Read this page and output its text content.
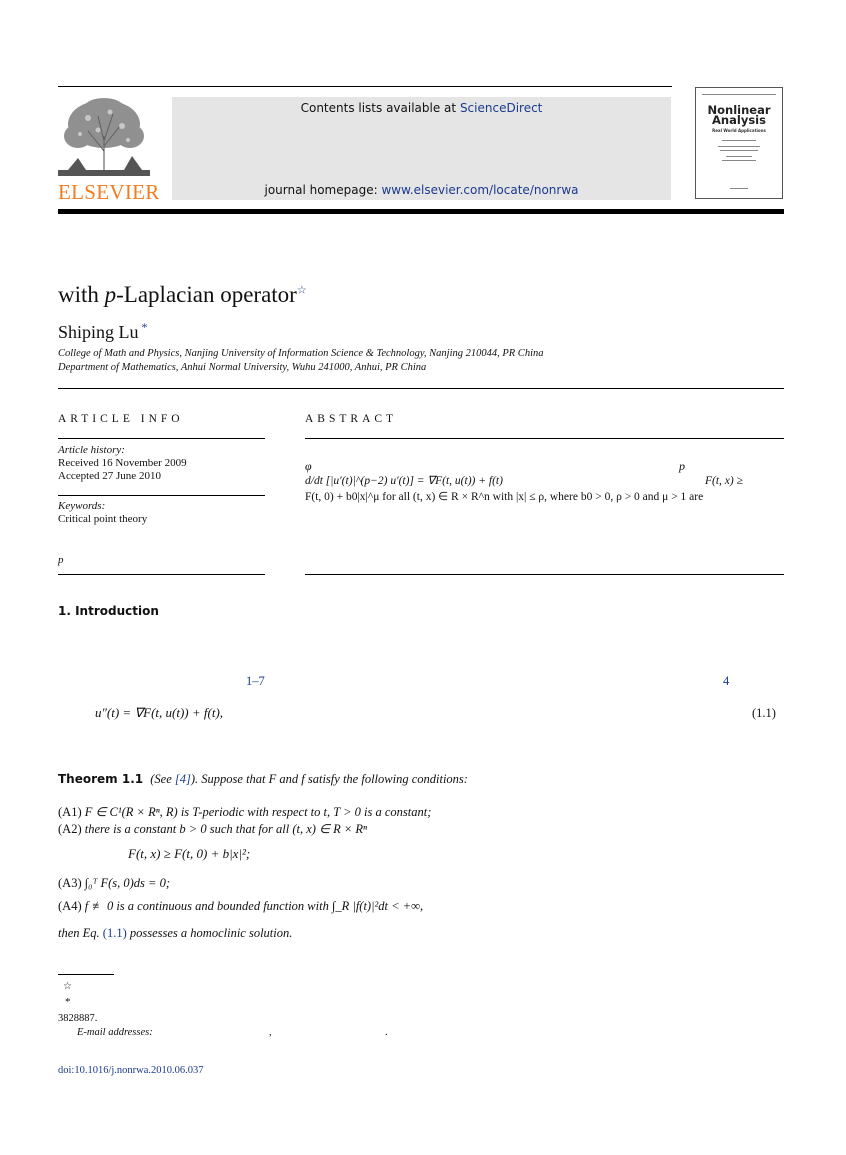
ELSEVIER
Contents lists available at ScienceDirect
journal homepage: www.elsevier.com/locate/nonrwa
Nonlinear
Analysis
Real World Applications
with p-Laplacian operator☆
Shiping Lu *
College of Math and Physics, Nanjing University of Information Science & Technology, Nanjing 210044, PR China
Department of Mathematics, Anhui Normal University, Wuhu 241000, Anhui, PR China
ARTICLE INFO
Article history:
Received 16 November 2009
Accepted 27 June 2010
Keywords:
Critical point theory
p
ABSTRACT
φ	p
d/dt [|u′(t)|^(p−2) u′(t)] = ∇F(t, u(t)) + f(t)	F(t, x) ≥
F(t, 0) + b0|x|^μ for all (t, x) ∈ R × R^n with |x| ≤ ρ, where b0 > 0, ρ > 0 and μ > 1 are
1. Introduction
1–7	4
u″(t) = ∇F(t, u(t)) + f(t),	(1.1)
Theorem 1.1 (See [4]). Suppose that F and f satisfy the following conditions:
(A1) F ∈ C¹(R × Rⁿ, R) is T-periodic with respect to t, T > 0 is a constant;
(A2) there is a constant b > 0 such that for all (t, x) ∈ R × Rⁿ
F(t, x) ≥ F(t, 0) + b|x|²;
(A3) ∫₀ᵀ F(s, 0)ds = 0;
(A4) f ≢ 0 is a continuous and bounded function with ∫_R |f(t)|²dt < +∞,
then Eq. (1.1) possesses a homoclinic solution.
☆
*
3828887.
E-mail addresses:	,	.
doi:10.1016/j.nonrwa.2010.06.037
